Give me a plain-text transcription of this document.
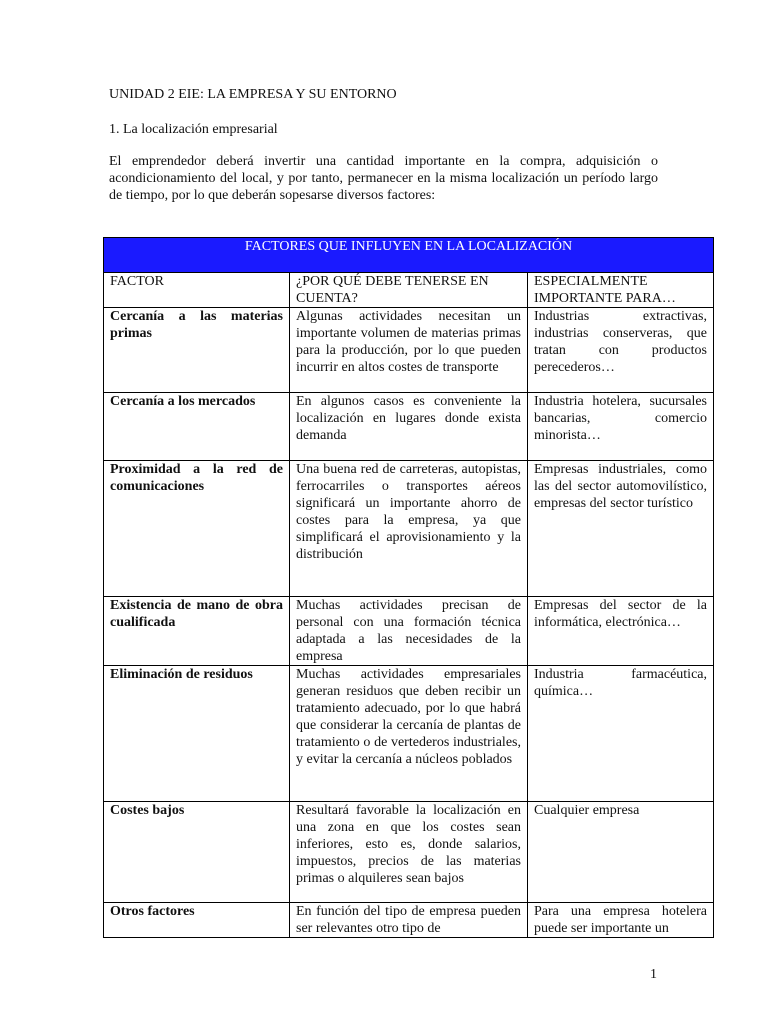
UNIDAD 2 EIE: LA EMPRESA Y SU ENTORNO
1. La localización empresarial

El emprendedor deberá invertir una cantidad importante en la compra, adquisición o acondicionamiento del local, y por tanto, permanecer en la misma localización un período largo de tiempo, por lo que deberán sopesarse diversos factores:

FACTORES QUE INFLUYEN EN LA LOCALIZACIÓN		
FACTOR	¿POR QUÉ DEBE TENERSE EN CUENTA?	ESPECIALMENTE IMPORTANTE PARA…
Cercanía a las materias primas	Algunas actividades necesitan un importante volumen de materias primas para la producción, por lo que pueden incurrir en altos costes de transporte	Industrias extractivas, industrias conserveras, que tratan con productos perecederos…
Cercanía a los mercados	En algunos casos es conveniente la localización en lugares donde exista demanda	Industria hotelera, sucursales bancarias, comercio minorista…
Proximidad a la red de comunicaciones	Una buena red de carreteras, autopistas, ferrocarriles o transportes aéreos significará un importante ahorro de costes para la empresa, ya que simplificará el aprovisionamiento y la distribución	Empresas industriales, como las del sector automovilístico, empresas del sector turístico
Existencia de mano de obra cualificada	Muchas actividades precisan de personal con una formación técnica adaptada a las necesidades de la empresa	Empresas del sector de la informática, electrónica…
Eliminación de residuos	Muchas actividades empresariales generan residuos que deben recibir un tratamiento adecuado, por lo que habrá que considerar la cercanía de plantas de tratamiento o de vertederos industriales, y evitar la cercanía a núcleos poblados	Industria farmacéutica, química…
Costes bajos	Resultará favorable la localización en una zona en que los costes sean inferiores, esto es, donde salarios, impuestos, precios de las materias primas o alquileres sean bajos	Cualquier empresa
Otros factores	En función del tipo de empresa pueden ser relevantes otro tipo de	Para una empresa hotelera puede ser importante un
1
